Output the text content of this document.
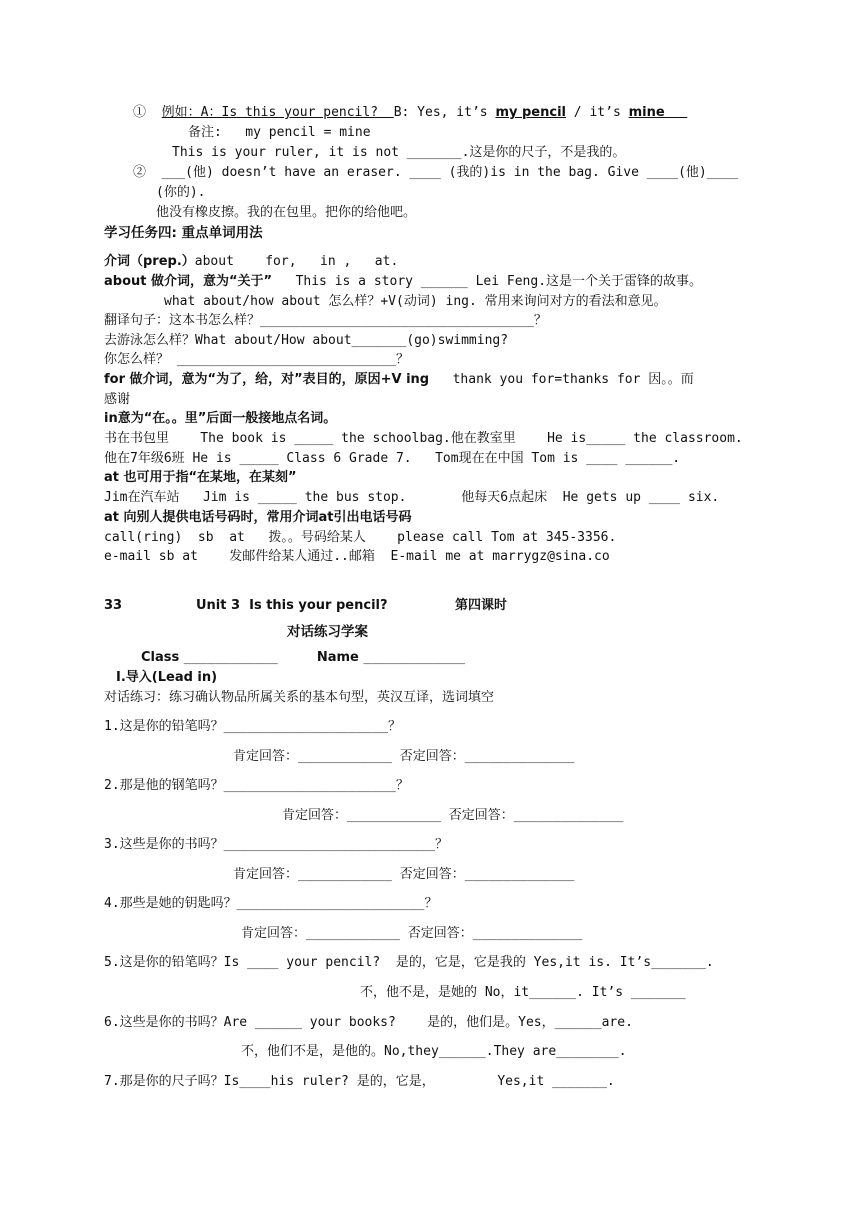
① 例如：A：Is this your pencil?  B: Yes, it’s my pencil / it’s mine
备注:   my pencil = mine
This is your ruler, it is not _______.这是你的尺子，不是我的。
② ___(他) doesn’t have an eraser. ____ (我的)is in the bag. Give ____(他)____
(你的).
他没有橡皮擦。我的在包里。把你的给他吧。
学习任务四: 重点单词用法
介词（prep.）about    for,   in ,   at.
about 做介词，意为“关于”   This is a story ______ Lei Feng.这是一个关于雷锋的故事。
what about/how about 怎么样？+V(动词) ing. 常用来询问对方的看法和意见。
翻译句子：这本书怎么样？___________________________________？
去游泳怎么样？What about/How about_______(go)swimming?
你怎么样？ ____________________________？
for 做介词，意为“为了，给，对”表目的，原因+V ing   thank you for=thanks for 因。。而
感谢
in意为“在。。里”后面一般接地点名词。
书在书包里    The book is _____ the schoolbag.他在教室里    He is_____ the classroom.
他在7年级6班 He is _____ Class 6 Grade 7.   Tom现在在中国 Tom is ____ ______.
at 也可用于指“在某地，在某刻”
Jim在汽车站   Jim is _____ the bus stop.       他每天6点起床  He gets up ____ six.
at 向别人提供电话号码时，常用介词at引出电话号码
call(ring)  sb  at   拨。。号码给某人    please call Tom at 345-3356.
e-mail sb at    发邮件给某人通过..邮箱  E-mail me at marrygz@sina.co
33	Unit 3  Is this your pencil?	第四课时
对话练习学案
Class ____________	Name _____________
I.导入(Lead in)
对话练习：练习确认物品所属关系的基本句型，英汉互译，选词填空
1.这是你的铅笔吗？_____________________？
肯定回答：____________ 否定回答：______________
2.那是他的钢笔吗？______________________？
肯定回答：____________ 否定回答：______________
3.这些是你的书吗？___________________________？
肯定回答：____________ 否定回答：______________
4.那些是她的钥匙吗？________________________？
肯定回答：____________ 否定回答：______________
5.这是你的铅笔吗？Is ____ your pencil?  是的，它是，它是我的 Yes,it is. It’s_______.
不，他不是，是她的 No，it______. It’s _______
6.这些是你的书吗？Are ______ your books?    是的，他们是。Yes，______are.
不，他们不是，是他的。No,they______.They are________.
7.那是你的尺子吗？Is____his ruler? 是的，它是，        Yes,it _______.
